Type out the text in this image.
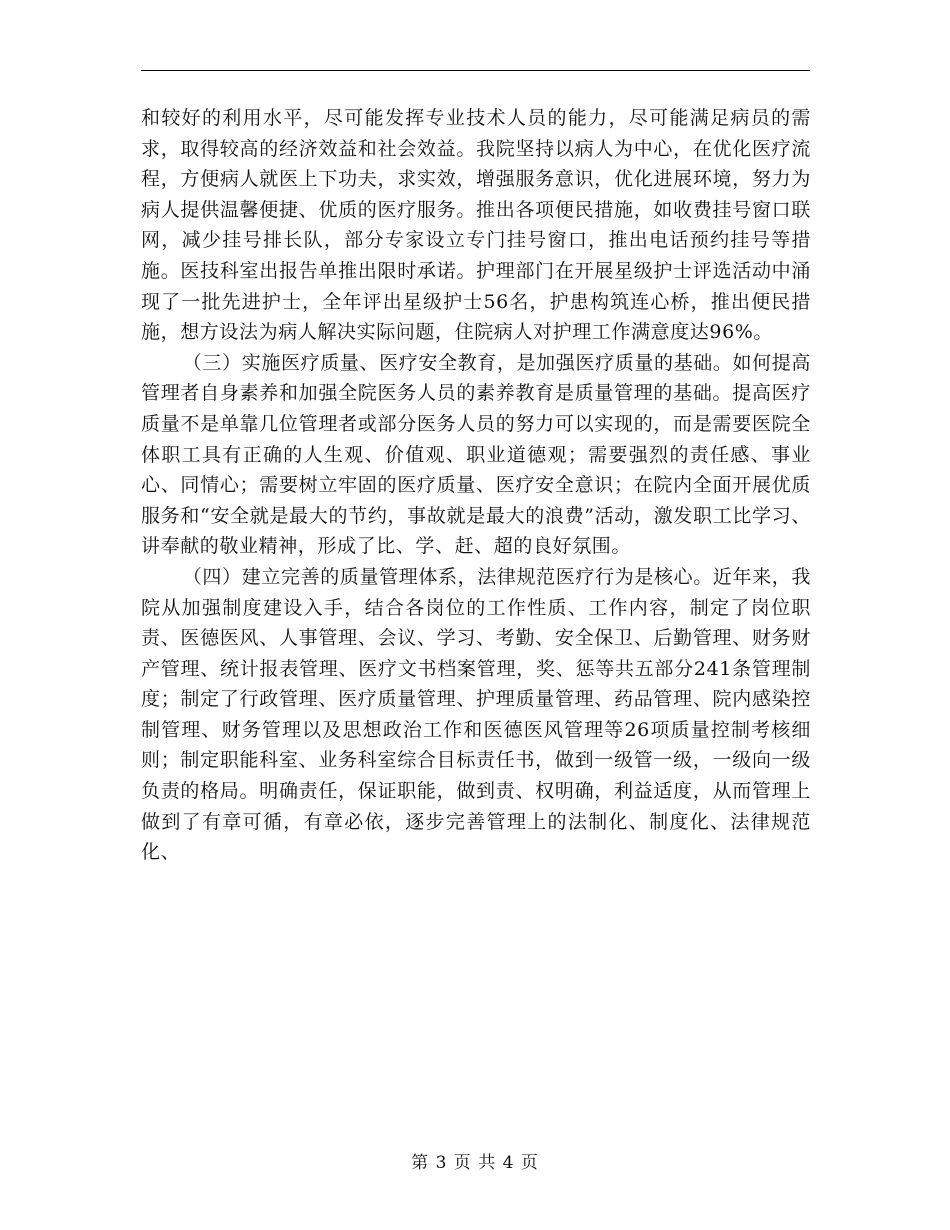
和较好的利用水平，尽可能发挥专业技术人员的能力，尽可能满足病员的需求，取得较高的经济效益和社会效益。我院坚持以病人为中心，在优化医疗流程，方便病人就医上下功夫，求实效，增强服务意识，优化进展环境，努力为病人提供温馨便捷、优质的医疗服务。推出各项便民措施，如收费挂号窗口联网，减少挂号排长队，部分专家设立专门挂号窗口，推出电话预约挂号等措施。医技科室出报告单推出限时承诺。护理部门在开展星级护士评选活动中涌现了一批先进护士，全年评出星级护士56名，护患构筑连心桥，推出便民措施，想方设法为病人解决实际问题，住院病人对护理工作满意度达96%。

（三）实施医疗质量、医疗安全教育，是加强医疗质量的基础。如何提高管理者自身素养和加强全院医务人员的素养教育是质量管理的基础。提高医疗质量不是单靠几位管理者或部分医务人员的努力可以实现的，而是需要医院全体职工具有正确的人生观、价值观、职业道德观；需要强烈的责任感、事业心、同情心；需要树立牢固的医疗质量、医疗安全意识；在院内全面开展优质服务和“安全就是最大的节约，事故就是最大的浪费”活动，激发职工比学习、讲奉献的敬业精神，形成了比、学、赶、超的良好氛围。

（四）建立完善的质量管理体系，法律规范医疗行为是核心。近年来，我院从加强制度建设入手，结合各岗位的工作性质、工作内容，制定了岗位职责、医德医风、人事管理、会议、学习、考勤、安全保卫、后勤管理、财务财产管理、统计报表管理、医疗文书档案管理，奖、惩等共五部分241条管理制度；制定了行政管理、医疗质量管理、护理质量管理、药品管理、院内感染控制管理、财务管理以及思想政治工作和医德医风管理等26项质量控制考核细则；制定职能科室、业务科室综合目标责任书，做到一级管一级，一级向一级负责的格局。明确责任，保证职能，做到责、权明确，利益适度，从而管理上做到了有章可循，有章必依，逐步完善管理上的法制化、制度化、法律规范化、

第 3 页 共 4 页
